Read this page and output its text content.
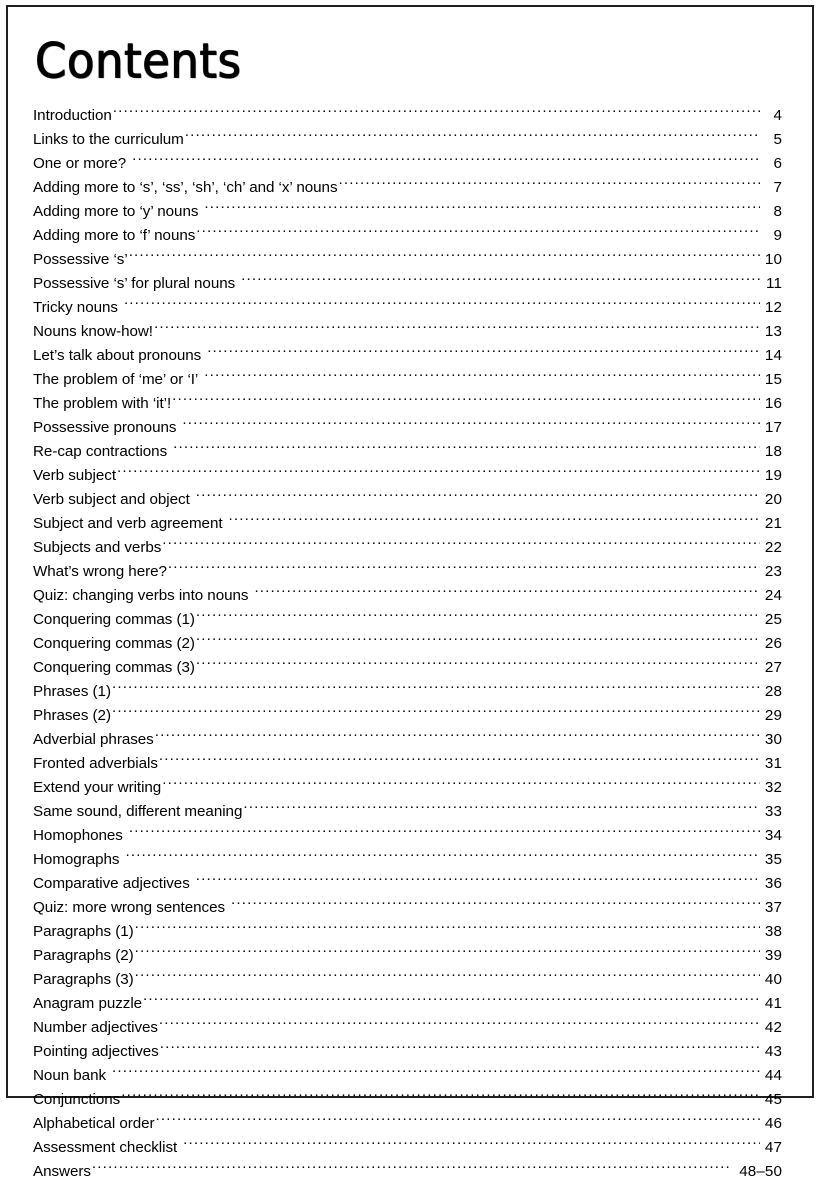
Contents
Introduction .....	4
Links to the curriculum .....	5
One or more? .....	6
Adding more to ‘s’, ‘ss’, ‘sh’, ‘ch’ and ‘x’ nouns .....	7
Adding more to ‘y’ nouns .....	8
Adding more to ‘f’ nouns .....	9
Possessive ‘s’ .....	10
Possessive ‘s’ for plural nouns .....	11
Tricky nouns .....	12
Nouns know-how! .....	13
Let’s talk about pronouns .....	14
The problem of ‘me’ or ‘I’ .....	15
The problem with ‘it’! .....	16
Possessive pronouns .....	17
Re-cap contractions .....	18
Verb subject .....	19
Verb subject and object .....	20
Subject and verb agreement .....	21
Subjects and verbs .....	22
What’s wrong here? .....	23
Quiz: changing verbs into nouns .....	24
Conquering commas (1) .....	25
Conquering commas (2) .....	26
Conquering commas (3) .....	27
Phrases (1) .....	28
Phrases (2) .....	29
Adverbial phrases .....	30
Fronted adverbials .....	31
Extend your writing .....	32
Same sound, different meaning .....	33
Homophones .....	34
Homographs .....	35
Comparative adjectives .....	36
Quiz: more wrong sentences .....	37
Paragraphs (1) .....	38
Paragraphs (2) .....	39
Paragraphs (3) .....	40
Anagram puzzle .....	41
Number adjectives .....	42
Pointing adjectives .....	43
Noun bank .....	44
Conjunctions .....	45
Alphabetical order .....	46
Assessment checklist .....	47
Answers .....	48–50
